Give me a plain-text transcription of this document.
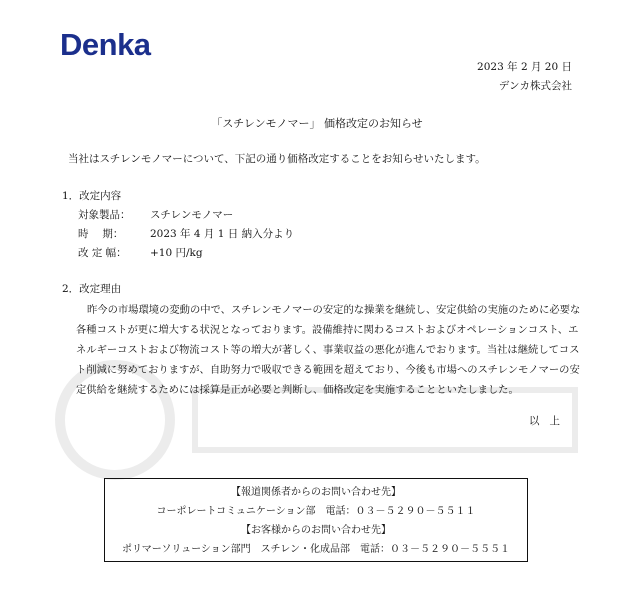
Denka
2023 年 2 月 20 日
デンカ株式会社
「スチレンモノマー」 価格改定のお知らせ
当社はスチレンモノマーについて、下記の通り価格改定することをお知らせいたします。
1．改定内容
対象製品： スチレンモノマー
時　 期：	2023 年 4 月 1 日 納入分より
改 定 幅： +10 円/kg
2．改定理由
昨今の市場環境の変動の中で、スチレンモノマーの安定的な操業を継続し、安定供給の実施のために必要な各種コストが更に増大する状況となっております。設備維持に関わるコストおよびオペレーションコスト、エネルギーコストおよび物流コスト等の増大が著しく、事業収益の悪化が進んでおります。当社は継続してコスト削減に努めておりますが、自助努力で吸収できる範囲を超えており、今後も市場へのスチレンモノマーの安定供給を継続するためには採算是正が必要と判断し、価格改定を実施することといたしました。
以上
【報道関係者からのお問い合わせ先】
コーポレートコミュニケーション部　電話：０３－５２９０－５５１１
【お客様からのお問い合わせ先】
ポリマーソリューション部門　スチレン・化成品部　電話：０３－５２９０－５５５１
